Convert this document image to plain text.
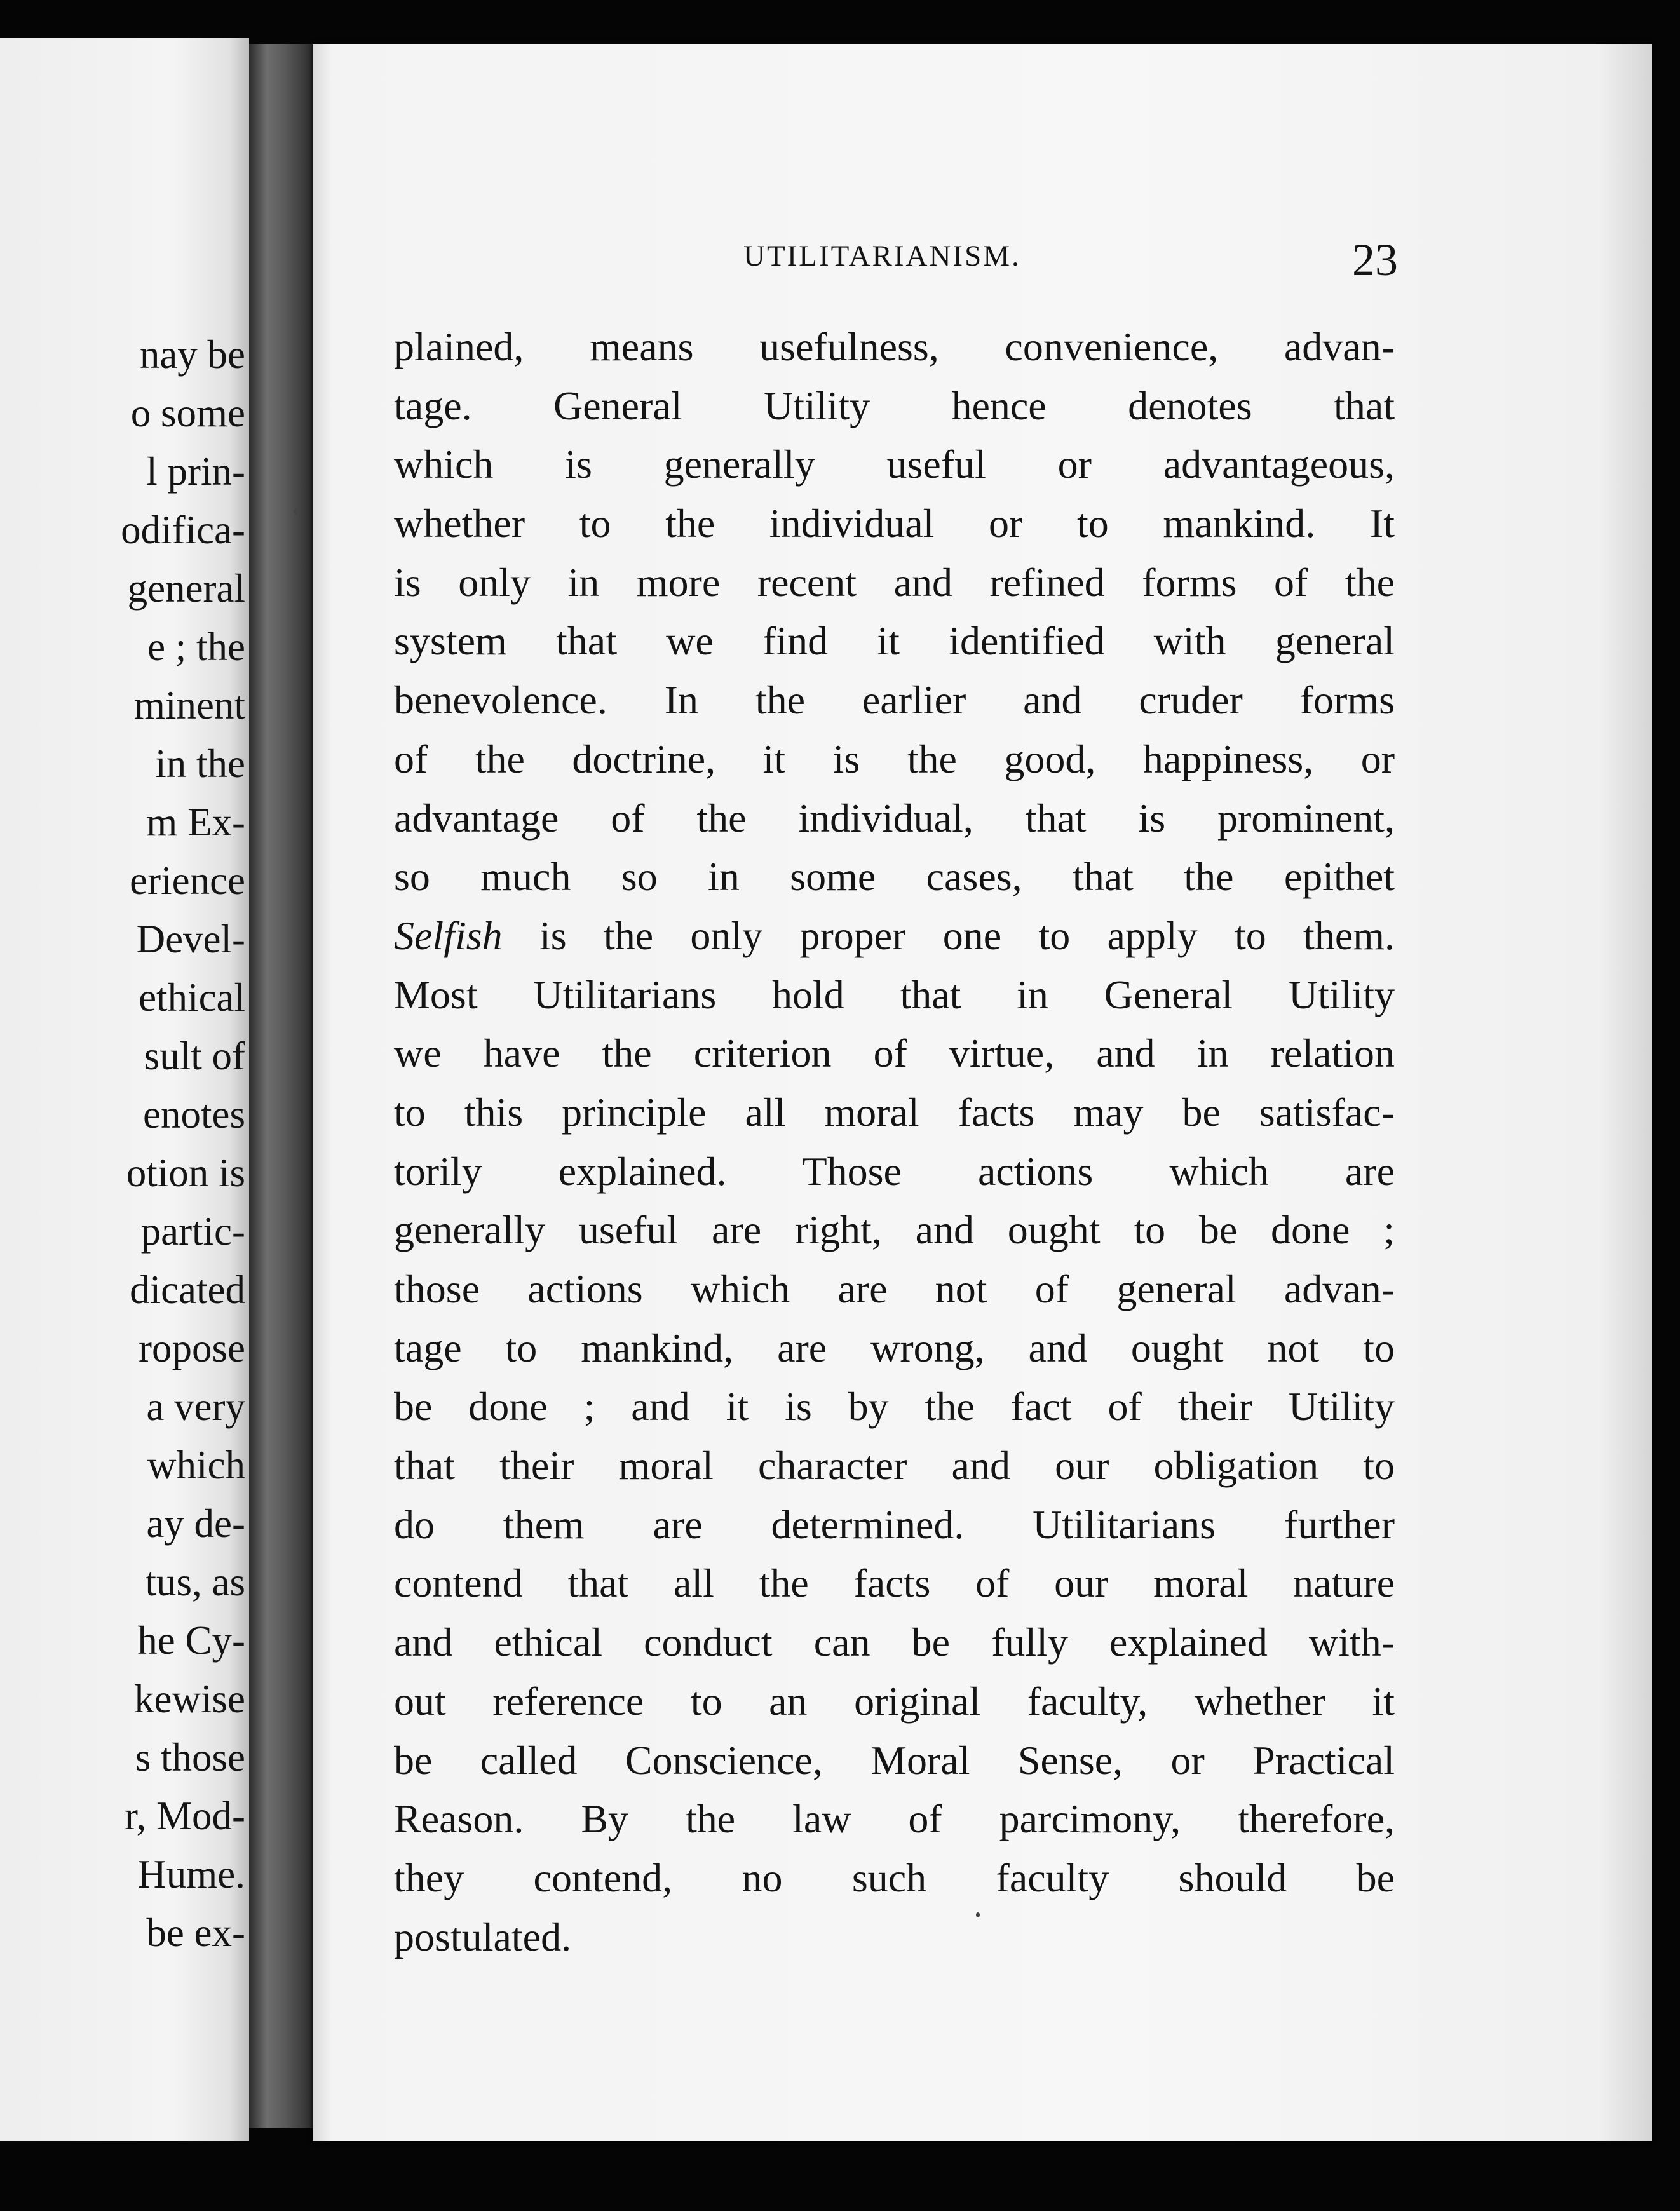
nay be
o some
l prin-
odifica-
general
e ; the
minent
in the
m Ex-
erience
Devel-
ethical
sult of
enotes
otion is
partic-
dicated
ropose
a very
which
ay de-
tus, as
he Cy-
kewise
s those
r, Mod-
Hume.
be ex-
UTILITARIANISM.	23
plained, means usefulness, convenience, advan-
tage. General Utility hence denotes that
which is generally useful or advantageous,
whether to the individual or to mankind. It
is only in more recent and refined forms of the
system that we find it identified with general
benevolence. In the earlier and cruder forms
of the doctrine, it is the good, happiness, or
advantage of the individual, that is prominent,
so much so in some cases, that the epithet
Selfish is the only proper one to apply to them.
Most Utilitarians hold that in General Utility
we have the criterion of virtue, and in relation
to this principle all moral facts may be satisfac-
torily explained. Those actions which are
generally useful are right, and ought to be done ;
those actions which are not of general advan-
tage to mankind, are wrong, and ought not to
be done ; and it is by the fact of their Utility
that their moral character and our obligation to
do them are determined. Utilitarians further
contend that all the facts of our moral nature
and ethical conduct can be fully explained with-
out reference to an original faculty, whether it
be called Conscience, Moral Sense, or Practical
Reason. By the law of parcimony, therefore,
they contend, no such faculty should be
postulated.
